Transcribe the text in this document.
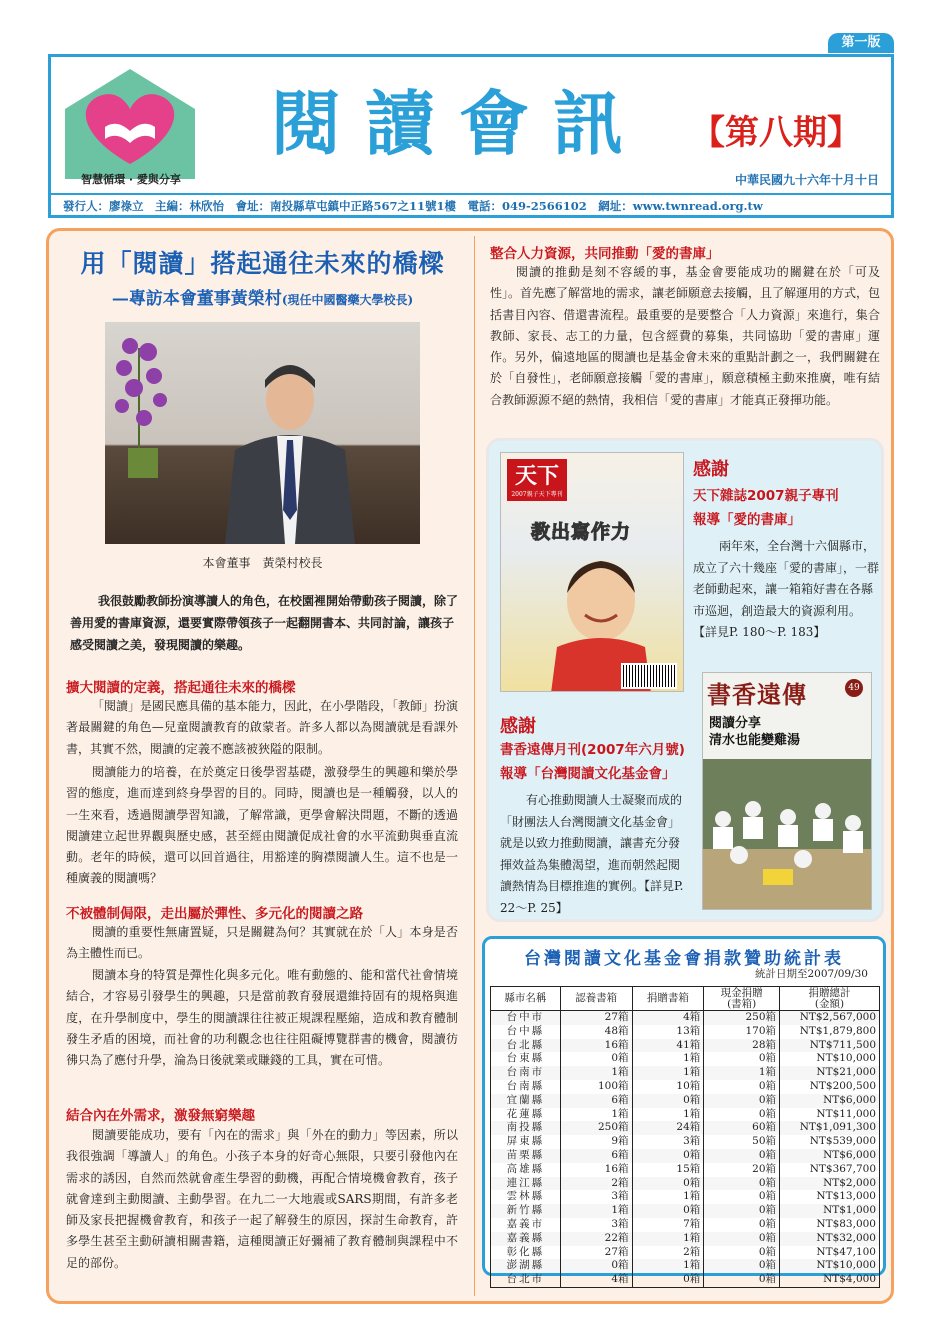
第一版
智慧循環 · 愛與分享
閱讀會訊	【第八期】
中華民國九十六年十月十日
發行人：廖祿立　主編：林欣怡　會址：南投縣草屯鎮中正路567之11號1樓　電話：049-2566102　網址：www.twnread.org.tw
用「閱讀」搭起通往未來的橋樑
—專訪本會董事黃榮村(現任中國醫藥大學校長)
本會董事　黃榮村校長
我很鼓勵教師扮演導讀人的角色，在校園裡開始帶動孩子閱讀，除了善用愛的書庫資源，還要實際帶領孩子一起翻開書本、共同討論，讓孩子感受閱讀之美，發現閱讀的樂趣。
擴大閱讀的定義，搭起通往未來的橋樑
「閱讀」是國民應具備的基本能力，因此，在小學階段，「教師」扮演著最關鍵的角色—兒童閱讀教育的啟蒙者。許多人都以為閱讀就是看課外書，其實不然，閱讀的定義不應該被狹隘的限制。
閱讀能力的培養，在於奠定日後學習基礎，激發學生的興趣和樂於學習的態度，進而達到終身學習的目的。同時，閱讀也是一種觸發，以人的一生來看，透過閱讀學習知識，了解常識，更學會解決問題，不斷的透過閱讀建立起世界觀與歷史感，甚至經由閱讀促成社會的水平流動與垂直流動。老年的時候，還可以回首過往，用豁達的胸襟閱讀人生。這不也是一種廣義的閱讀嗎？
不被體制侷限，走出屬於彈性、多元化的閱讀之路
閱讀的重要性無庸置疑，只是關鍵為何？其實就在於「人」本身是否為主體性而已。
閱讀本身的特質是彈性化與多元化。唯有動態的、能和當代社會情境結合，才容易引發學生的興趣，只是當前教育發展還維持固有的規格與進度，在升學制度中，學生的閱讀課往往被正規課程壓縮，造成和教育體制發生矛盾的困境，而社會的功利觀念也往往阻礙博覽群書的機會，閱讀彷彿只為了應付升學，淪為日後就業或賺錢的工具，實在可惜。
結合內在外需求，激發無窮樂趣
閱讀要能成功，要有「內在的需求」與「外在的動力」等因素，所以我很強調「導讀人」的角色。小孩子本身的好奇心無限，只要引發他內在需求的誘因，自然而然就會產生學習的動機，再配合情境機會教育，孩子就會達到主動閱讀、主動學習。在九二一大地震或SARS期間，有許多老師及家長把握機會教育，和孩子一起了解發生的原因，探討生命教育，許多學生甚至主動研讀相關書籍，這種閱讀正好彌補了教育體制與課程中不足的部份。
整合人力資源，共同推動「愛的書庫」
閱讀的推動是刻不容緩的事，基金會要能成功的關鍵在於「可及性」。首先應了解當地的需求，讓老師願意去接觸，且了解運用的方式，包括書目內容、借還書流程。最重要的是要整合「人力資源」來進行，集合教師、家長、志工的力量，包含經費的募集，共同協助「愛的書庫」運作。另外，偏遠地區的閱讀也是基金會未來的重點計劃之一，我們關鍵在於「自發性」，老師願意接觸「愛的書庫」，願意積極主動來推廣，唯有結合教師源源不絕的熱情，我相信「愛的書庫」才能真正發揮功能。
天下
2007親子天下專刊
教出寫作力
感謝
天下雜誌2007親子專刊
報導「愛的書庫」
兩年來，全台灣十六個縣市，成立了六十幾座「愛的書庫」，一群老師動起來，讓一箱箱好書在各縣市巡迴，創造最大的資源利用。
【詳見P. 180～P. 183】
感謝
書香遠傳月刊(2007年六月號)
報導「台灣閱讀文化基金會」
有心推動閱讀人士凝聚而成的「財團法人台灣閱讀文化基金會」就是以致力推動閱讀，讓書充分發揮效益為集體渴望，進而朝然起閱讀熱情為目標推進的實例。【詳見P. 22～P. 25】
書香遠傳	49
閱讀分享
清水也能變雞湯
台灣閱讀文化基金會捐款贊助統計表
統計日期至2007/09/30
縣市名稱	認養書箱	捐贈書箱	現金捐贈
(書箱)	捐贈總計
(金額)
台中市	27箱	4箱	250箱	NT$2,567,000
台中縣	48箱	13箱	170箱	NT$1,879,800
台北縣	16箱	41箱	28箱	NT$711,500
台東縣	0箱	1箱	0箱	NT$10,000
台南市	1箱	1箱	1箱	NT$21,000
台南縣	100箱	10箱	0箱	NT$200,500
宜蘭縣	6箱	0箱	0箱	NT$6,000
花蓮縣	1箱	1箱	0箱	NT$11,000
南投縣	250箱	24箱	60箱	NT$1,091,300
屏東縣	9箱	3箱	50箱	NT$539,000
苗栗縣	6箱	0箱	0箱	NT$6,000
高雄縣	16箱	15箱	20箱	NT$367,700
連江縣	2箱	0箱	0箱	NT$2,000
雲林縣	3箱	1箱	0箱	NT$13,000
新竹縣	1箱	0箱	0箱	NT$1,000
嘉義市	3箱	7箱	0箱	NT$83,000
嘉義縣	22箱	1箱	0箱	NT$32,000
彰化縣	27箱	2箱	0箱	NT$47,100
澎湖縣	0箱	1箱	0箱	NT$10,000
台北市	4箱	0箱	0箱	NT$4,000
